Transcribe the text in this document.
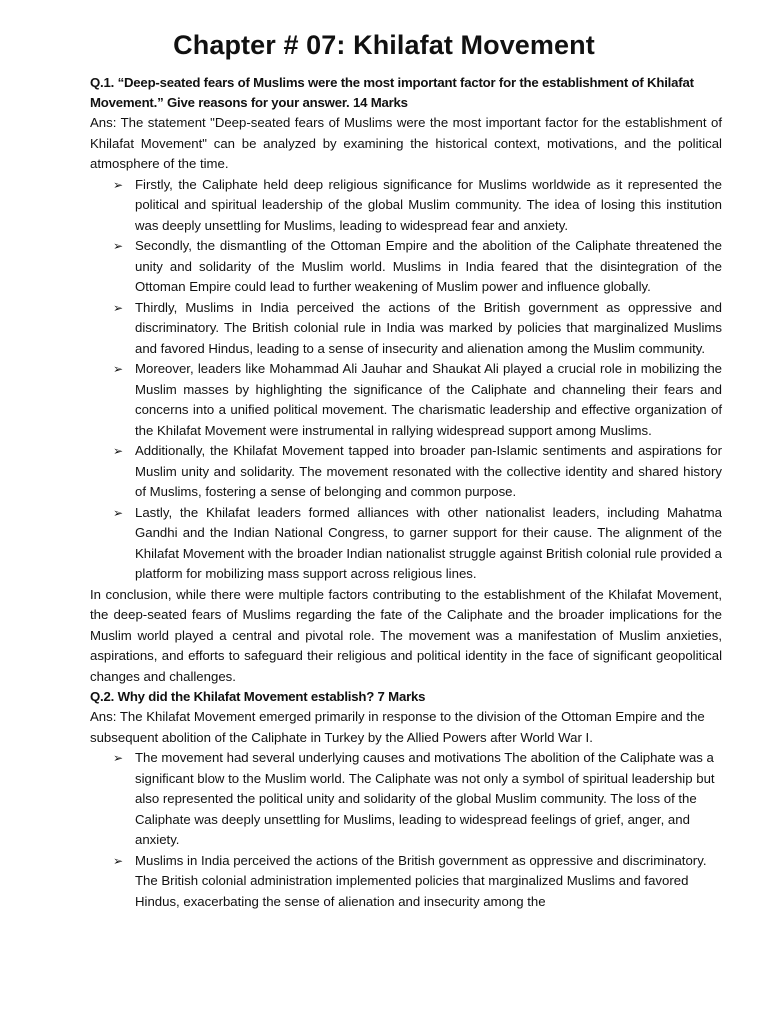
Chapter # 07: Khilafat Movement

Q.1. “Deep-seated fears of Muslims were the most important factor for the establishment of Khilafat Movement.” Give reasons for your answer. 14 Marks

Ans: The statement "Deep-seated fears of Muslims were the most important factor for the establishment of Khilafat Movement" can be analyzed by examining the historical context, motivations, and the political atmosphere of the time.

➢ Firstly, the Caliphate held deep religious significance for Muslims worldwide as it represented the political and spiritual leadership of the global Muslim community. The idea of losing this institution was deeply unsettling for Muslims, leading to widespread fear and anxiety.
➢ Secondly, the dismantling of the Ottoman Empire and the abolition of the Caliphate threatened the unity and solidarity of the Muslim world. Muslims in India feared that the disintegration of the Ottoman Empire could lead to further weakening of Muslim power and influence globally.
➢ Thirdly, Muslims in India perceived the actions of the British government as oppressive and discriminatory. The British colonial rule in India was marked by policies that marginalized Muslims and favored Hindus, leading to a sense of insecurity and alienation among the Muslim community.
➢ Moreover, leaders like Mohammad Ali Jauhar and Shaukat Ali played a crucial role in mobilizing the Muslim masses by highlighting the significance of the Caliphate and channeling their fears and concerns into a unified political movement. The charismatic leadership and effective organization of the Khilafat Movement were instrumental in rallying widespread support among Muslims.
➢ Additionally, the Khilafat Movement tapped into broader pan-Islamic sentiments and aspirations for Muslim unity and solidarity. The movement resonated with the collective identity and shared history of Muslims, fostering a sense of belonging and common purpose.
➢ Lastly, the Khilafat leaders formed alliances with other nationalist leaders, including Mahatma Gandhi and the Indian National Congress, to garner support for their cause. The alignment of the Khilafat Movement with the broader Indian nationalist struggle against British colonial rule provided a platform for mobilizing mass support across religious lines.

In conclusion, while there were multiple factors contributing to the establishment of the Khilafat Movement, the deep-seated fears of Muslims regarding the fate of the Caliphate and the broader implications for the Muslim world played a central and pivotal role. The movement was a manifestation of Muslim anxieties, aspirations, and efforts to safeguard their religious and political identity in the face of significant geopolitical changes and challenges.

Q.2. Why did the Khilafat Movement establish? 7 Marks

Ans: The Khilafat Movement emerged primarily in response to the division of the Ottoman Empire and the subsequent abolition of the Caliphate in Turkey by the Allied Powers after World War I.

➢ The movement had several underlying causes and motivations The abolition of the Caliphate was a significant blow to the Muslim world. The Caliphate was not only a symbol of spiritual leadership but also represented the political unity and solidarity of the global Muslim community. The loss of the Caliphate was deeply unsettling for Muslims, leading to widespread feelings of grief, anger, and anxiety.
➢ Muslims in India perceived the actions of the British government as oppressive and discriminatory. The British colonial administration implemented policies that marginalized Muslims and favored Hindus, exacerbating the sense of alienation and insecurity among the
